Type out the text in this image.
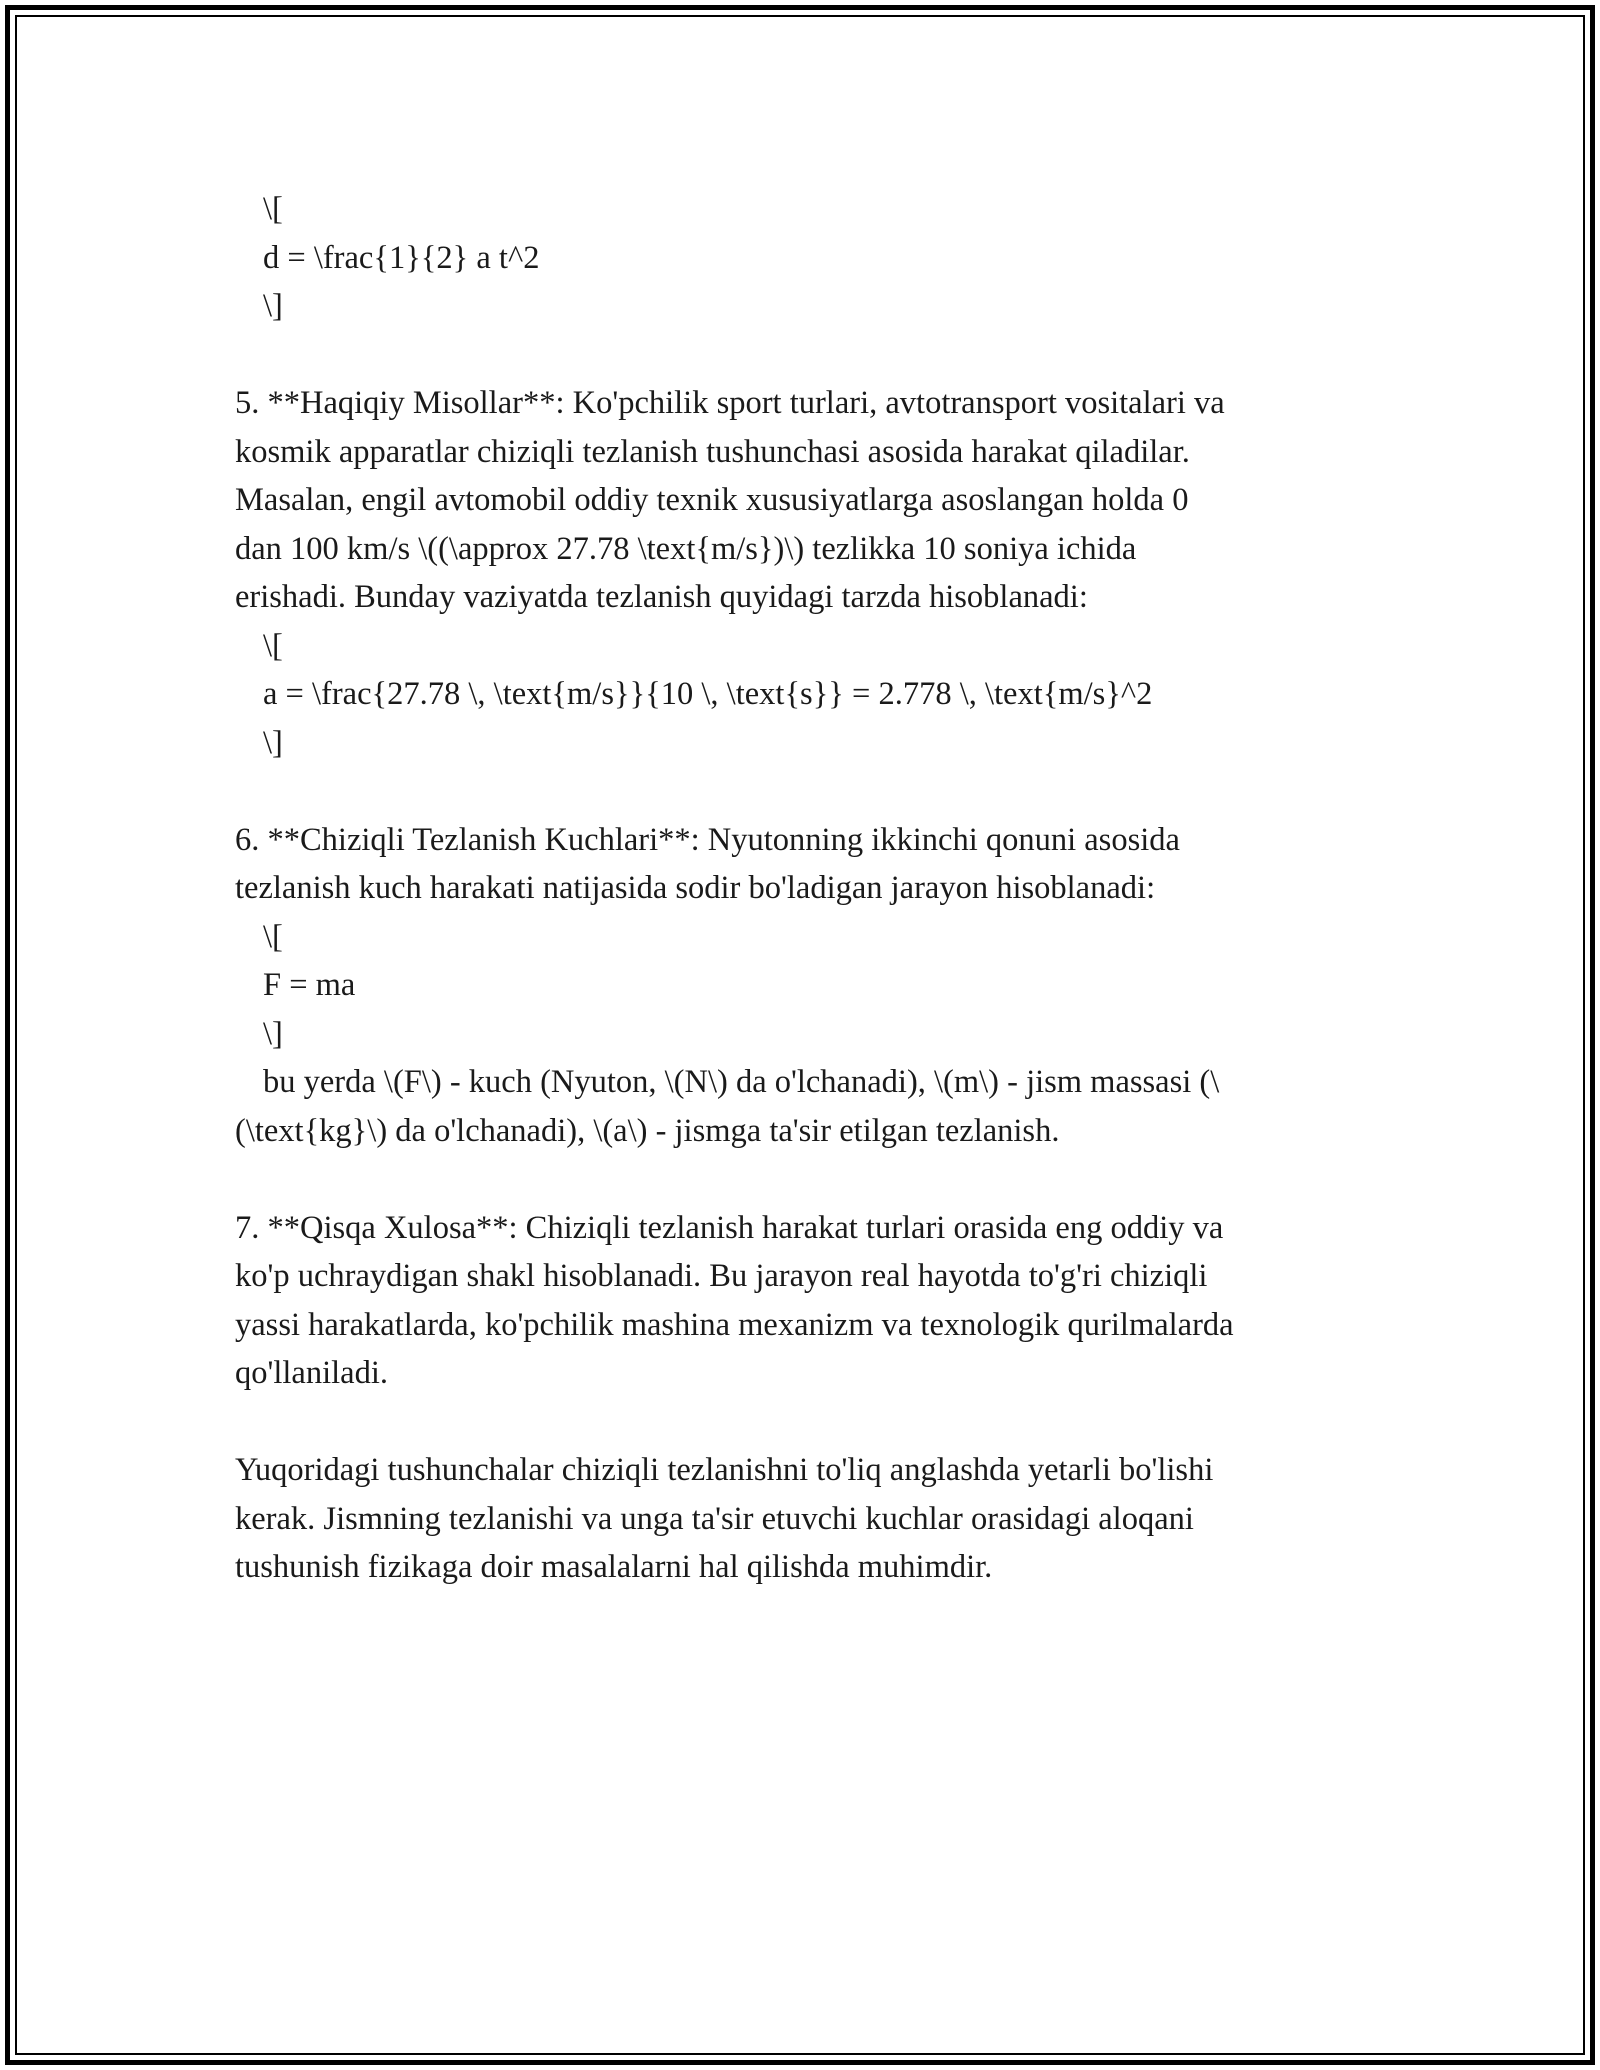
\[
d = \frac{1}{2} a t^2
\]
5. **Haqiqiy Misollar**: Ko'pchilik sport turlari, avtotransport vositalari va
kosmik apparatlar chiziqli tezlanish tushunchasi asosida harakat qiladilar.
Masalan, engil avtomobil oddiy texnik xususiyatlarga asoslangan holda 0
dan 100 km/s \((\approx 27.78 \text{m/s})\) tezlikka 10 soniya ichida
erishadi. Bunday vaziyatda tezlanish quyidagi tarzda hisoblanadi:
\[
a = \frac{27.78 \, \text{m/s}}{10 \, \text{s}} = 2.778 \, \text{m/s}^2
\]
6. **Chiziqli Tezlanish Kuchlari**: Nyutonning ikkinchi qonuni asosida
tezlanish kuch harakati natijasida sodir bo'ladigan jarayon hisoblanadi:
\[
F = ma
\]
bu yerda \(F\) - kuch (Nyuton, \(N\) da o'lchanadi), \(m\) - jism massasi (\
(\text{kg}\) da o'lchanadi), \(a\) - jismga ta'sir etilgan tezlanish.
7. **Qisqa Xulosa**: Chiziqli tezlanish harakat turlari orasida eng oddiy va
ko'p uchraydigan shakl hisoblanadi. Bu jarayon real hayotda to'g'ri chiziqli
yassi harakatlarda, ko'pchilik mashina mexanizm va texnologik qurilmalarda
qo'llaniladi.
Yuqoridagi tushunchalar chiziqli tezlanishni to'liq anglashda yetarli bo'lishi
kerak. Jismning tezlanishi va unga ta'sir etuvchi kuchlar orasidagi aloqani
tushunish fizikaga doir masalalarni hal qilishda muhimdir.
